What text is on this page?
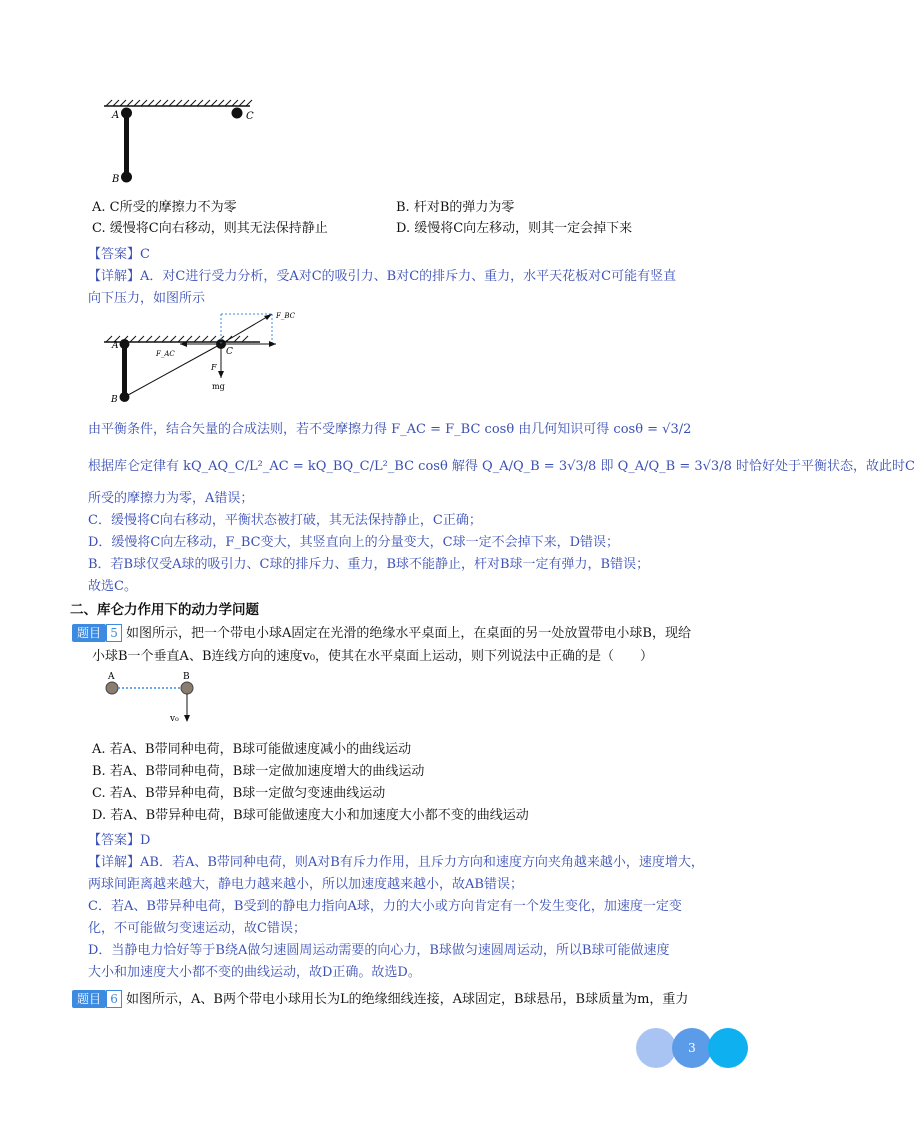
A
B
C
A. C所受的摩擦力不为零	B. 杆对B的弹力为零
C. 缓慢将C向右移动，则其无法保持静止	D. 缓慢将C向左移动，则其一定会掉下来
【答案】C
【详解】A．对C进行受力分析，受A对C的吸引力、B对C的排斥力、重力，水平天花板对C可能有竖直
向下压力，如图所示
A
B
C
F_BC
F_AC
F
mg
由平衡条件，结合矢量的合成法则，若不受摩擦力得 F_AC = F_BC cosθ 由几何知识可得 cosθ = √3/2
根据库仑定律有 kQ_AQ_C/L²_AC = kQ_BQ_C/L²_BC cosθ 解得 Q_A/Q_B = 3√3/8 即 Q_A/Q_B = 3√3/8 时恰好处于平衡状态，故此时C
所受的摩擦力为零，A错误；
C．缓慢将C向右移动，平衡状态被打破，其无法保持静止，C正确；
D．缓慢将C向左移动，F_BC变大，其竖直向上的分量变大，C球一定不会掉下来，D错误；
B．若B球仅受A球的吸引力、C球的排斥力、重力，B球不能静止，杆对B球一定有弹力，B错误；
故选C。
二、库仑力作用下的动力学问题
题目 5 如图所示，把一个带电小球A固定在光滑的绝缘水平桌面上，在桌面的另一处放置带电小球B，现给
小球B一个垂直A、B连线方向的速度v₀，使其在水平桌面上运动，则下列说法中正确的是（　　）
A	B
v₀
A. 若A、B带同种电荷，B球可能做速度减小的曲线运动
B. 若A、B带同种电荷，B球一定做加速度增大的曲线运动
C. 若A、B带异种电荷，B球一定做匀变速曲线运动
D. 若A、B带异种电荷，B球可能做速度大小和加速度大小都不变的曲线运动
【答案】D
【详解】AB．若A、B带同种电荷，则A对B有斥力作用，且斥力方向和速度方向夹角越来越小，速度增大，
两球间距离越来越大，静电力越来越小，所以加速度越来越小，故AB错误；
C．若A、B带异种电荷，B受到的静电力指向A球，力的大小或方向肯定有一个发生变化，加速度一定变
化，不可能做匀变速运动，故C错误；
D．当静电力恰好等于B绕A做匀速圆周运动需要的向心力，B球做匀速圆周运动，所以B球可能做速度
大小和加速度大小都不变的曲线运动，故D正确。故选D。
题目 6 如图所示，A、B两个带电小球用长为L的绝缘细线连接，A球固定，B球悬吊，B球质量为m，重力
3
